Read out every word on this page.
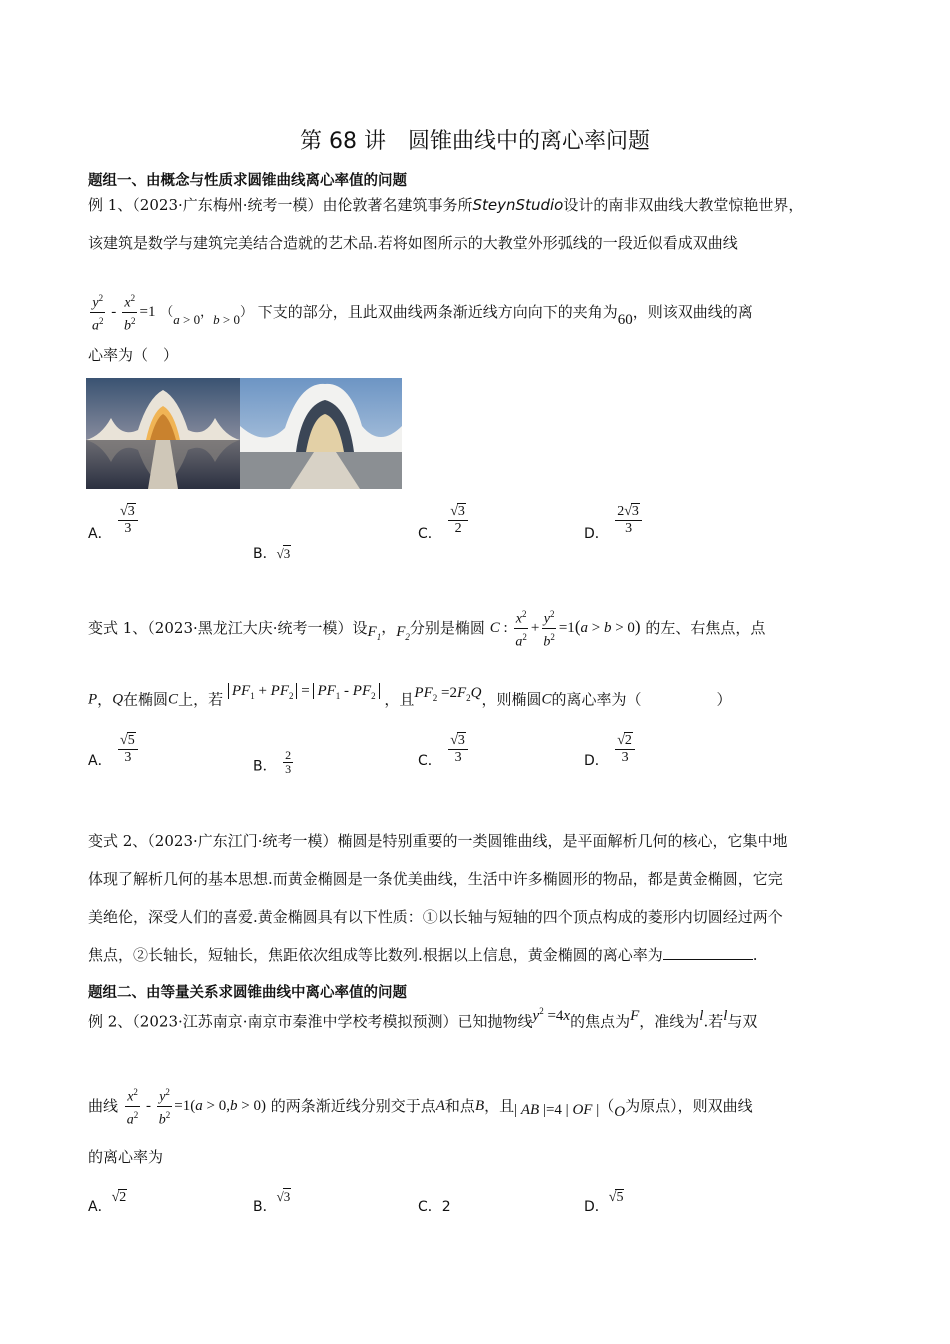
第 68 讲　圆锥曲线中的离心率问题
题组一、由概念与性质求圆锥曲线离心率值的问题
例 1、（2023·广东梅州·统考一模）由伦敦著名建筑事务所SteynStudio设计的南非双曲线大教堂惊艳世界，
该建筑是数学与建筑完美结合造就的艺术品.若将如图所示的大教堂外形弧线的一段近似看成双曲线
$\frac{y^2}{a^2} - \frac{x^2}{b^2} =1$ （a > 0，b > 0） 下支的部分，且此双曲线两条渐近线方向向下的夹角为60，则该双曲线的离
心率为（　）
A． $\frac{√3}{3}$
B．√3
C． $\frac{√3}{2}$	D． $\frac{2√3}{3}$
变式 1、（2023·黑龙江大庆·统考一模）设$F_1$，$F_2$分别是椭圆 C : $\frac{x^2}{a^2} + \frac{y^2}{b^2} =1(a > b > 0)$ 的左、右焦点，点
P，Q在椭圆C上，若 $PF_1 + PF_2 = PF_1 - PF_2$ ，且$PF_2 =2F_2Q$，则椭圆C的离心率为（　　　　　）
A． $\frac{√5}{3}$
B． $\frac{2}{3}$	C． $\frac{√3}{3}$	D． $\frac{√2}{3}$
变式 2、（2023·广东江门·统考一模）椭圆是特别重要的一类圆锥曲线，是平面解析几何的核心，它集中地
体现了解析几何的基本思想.而黄金椭圆是一条优美曲线，生活中许多椭圆形的物品，都是黄金椭圆，它完
美绝伦，深受人们的喜爱.黄金椭圆具有以下性质：①以长轴与短轴的四个顶点构成的菱形内切圆经过两个
焦点，②长轴长，短轴长，焦距依次组成等比数列.根据以上信息，黄金椭圆的离心率为	.
题组二、由等量关系求圆锥曲线中离心率值的问题
例 2、（2023·江苏南京·南京市秦淮中学校考模拟预测）已知抛物线$y^2 =4x$的焦点为F，准线为l.若l与双
曲线 $\frac{x^2}{a^2} - \frac{y^2}{b^2} =1(a > 0,b > 0)$ 的两条渐近线分别交于点A和点B，且| AB |=4 | OF |（O为原点），则双曲线
的离心率为
A．√2
B．√3
C．2	D．√5
